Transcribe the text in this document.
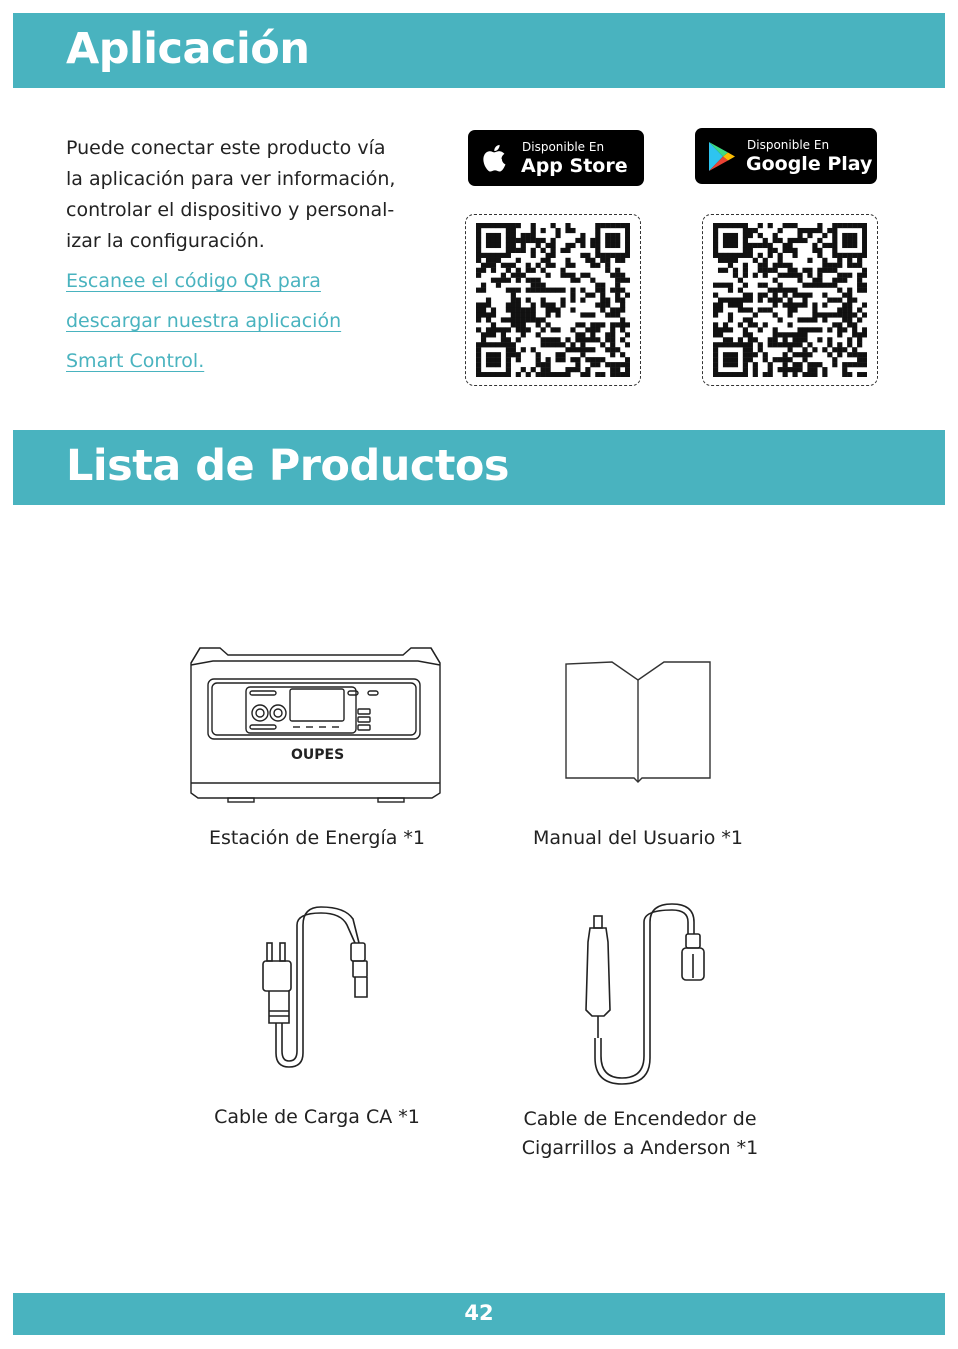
Aplicación

Puede conectar este producto vía
la aplicación para ver información,
controlar el dispositivo y personal-
izar la configuración.

Escanee el código QR para

descargar nuestra aplicación

Smart Control.

Disponible En
App Store
Disponible En
Google Play
Lista de Productos
OUPES

Estación de Energía *1	Manual del Usuario *1

Cable de Carga CA *1	Cable de Encendedor de
Cigarrillos a Anderson *1

42
